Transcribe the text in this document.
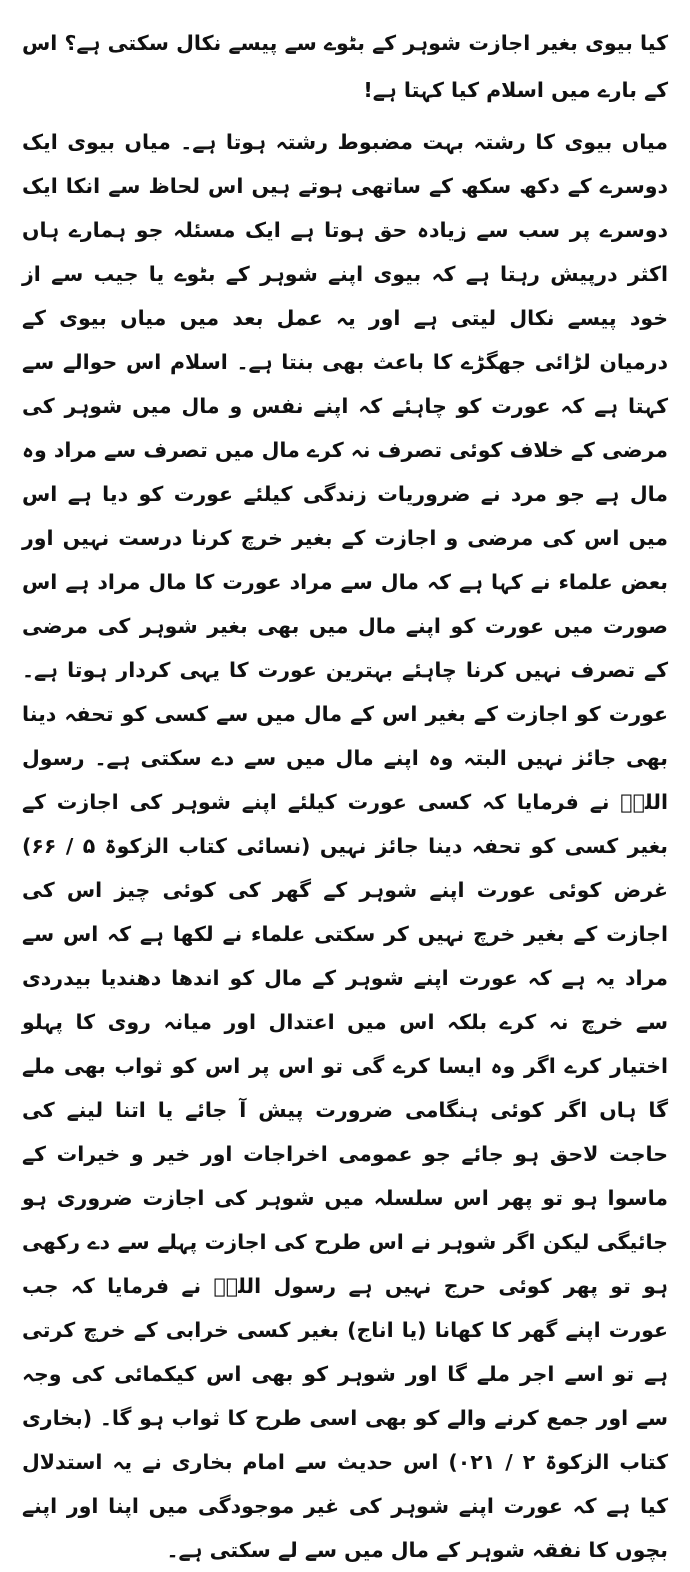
کیا بیوی بغیر اجازت شوہر کے بٹوے سے پیسے نکال سکتی ہے؟ اس کے بارے میں اسلام کیا کہتا ہے!

میاں بیوی کا رشتہ بہت مضبوط رشتہ ہوتا ہے۔ میاں بیوی ایک دوسرے کے دکھ سکھ کے ساتھی ہوتے ہیں اس لحاظ سے انکا ایک دوسرے پر سب سے زیادہ حق ہوتا ہے ایک مسئلہ جو ہمارے ہاں اکثر درپیش رہتا ہے کہ بیوی اپنے شوہر کے بٹوے یا جیب سے از خود پیسے نکال لیتی ہے اور یہ عمل بعد میں میاں بیوی کے درمیان لڑائی جھگڑے کا باعث بھی بنتا ہے۔ اسلام اس حوالے سے کہتا ہے کہ عورت کو چاہئے کہ اپنے نفس و مال میں شوہر کی مرضی کے خلاف کوئی تصرف نہ کرے مال میں تصرف سے مراد وہ مال ہے جو مرد نے ضروریات زندگی کیلئے عورت کو دیا ہے اس میں اس کی مرضی و اجازت کے بغیر خرچ کرنا درست نہیں اور بعض علماء نے کہا ہے کہ مال سے مراد عورت کا مال مراد ہے اس صورت میں عورت کو اپنے مال میں بھی بغیر شوہر کی مرضی کے تصرف نہیں کرنا چاہئے بہترین عورت کا یہی کردار ہوتا ہے۔ عورت کو اجازت کے بغیر اس کے مال میں سے کسی کو تحفہ دینا بھی جائز نہیں البتہ وہ اپنے مال میں سے دے سکتی ہے۔ رسول اللہؐ نے فرمایا کہ کسی عورت کیلئے اپنے شوہر کی اجازت کے بغیر کسی کو تحفہ دینا جائز نہیں (نسائی کتاب الزکوۃ ۵ / ۶۶) غرض کوئی عورت اپنے شوہر کے گھر کی کوئی چیز اس کی اجازت کے بغیر خرچ نہیں کر سکتی علماء نے لکھا ہے کہ اس سے مراد یہ ہے کہ عورت اپنے شوہر کے مال کو اندھا دھندیا بیدردی سے خرچ نہ کرے بلکہ اس میں اعتدال اور میانہ روی کا پہلو اختیار کرے اگر وہ ایسا کرے گی تو اس پر اس کو ثواب بھی ملے گا ہاں اگر کوئی ہنگامی ضرورت پیش آ جائے یا اتنا لینے کی حاجت لاحق ہو جائے جو عمومی اخراجات اور خیر و خیرات کے ماسوا ہو تو پھر اس سلسلہ میں شوہر کی اجازت ضروری ہو جائیگی لیکن اگر شوہر نے اس طرح کی اجازت پہلے سے دے رکھی ہو تو پھر کوئی حرج نہیں ہے رسول اللہؐ نے فرمایا کہ جب عورت اپنے گھر کا کھانا (یا اناج) بغیر کسی خرابی کے خرچ کرتی ہے تو اسے اجر ملے گا اور شوہر کو بھی اس کیکمائی کی وجہ سے اور جمع کرنے والے کو بھی اسی طرح کا ثواب ہو گا۔ (بخاری کتاب الزکوۃ ۲ / ۰۲۱) اس حدیث سے امام بخاری نے یہ استدلال کیا ہے کہ عورت اپنے شوہر کی غیر موجودگی میں اپنا اور اپنے بچوں کا نفقہ شوہر کے مال میں سے لے سکتی ہے۔
